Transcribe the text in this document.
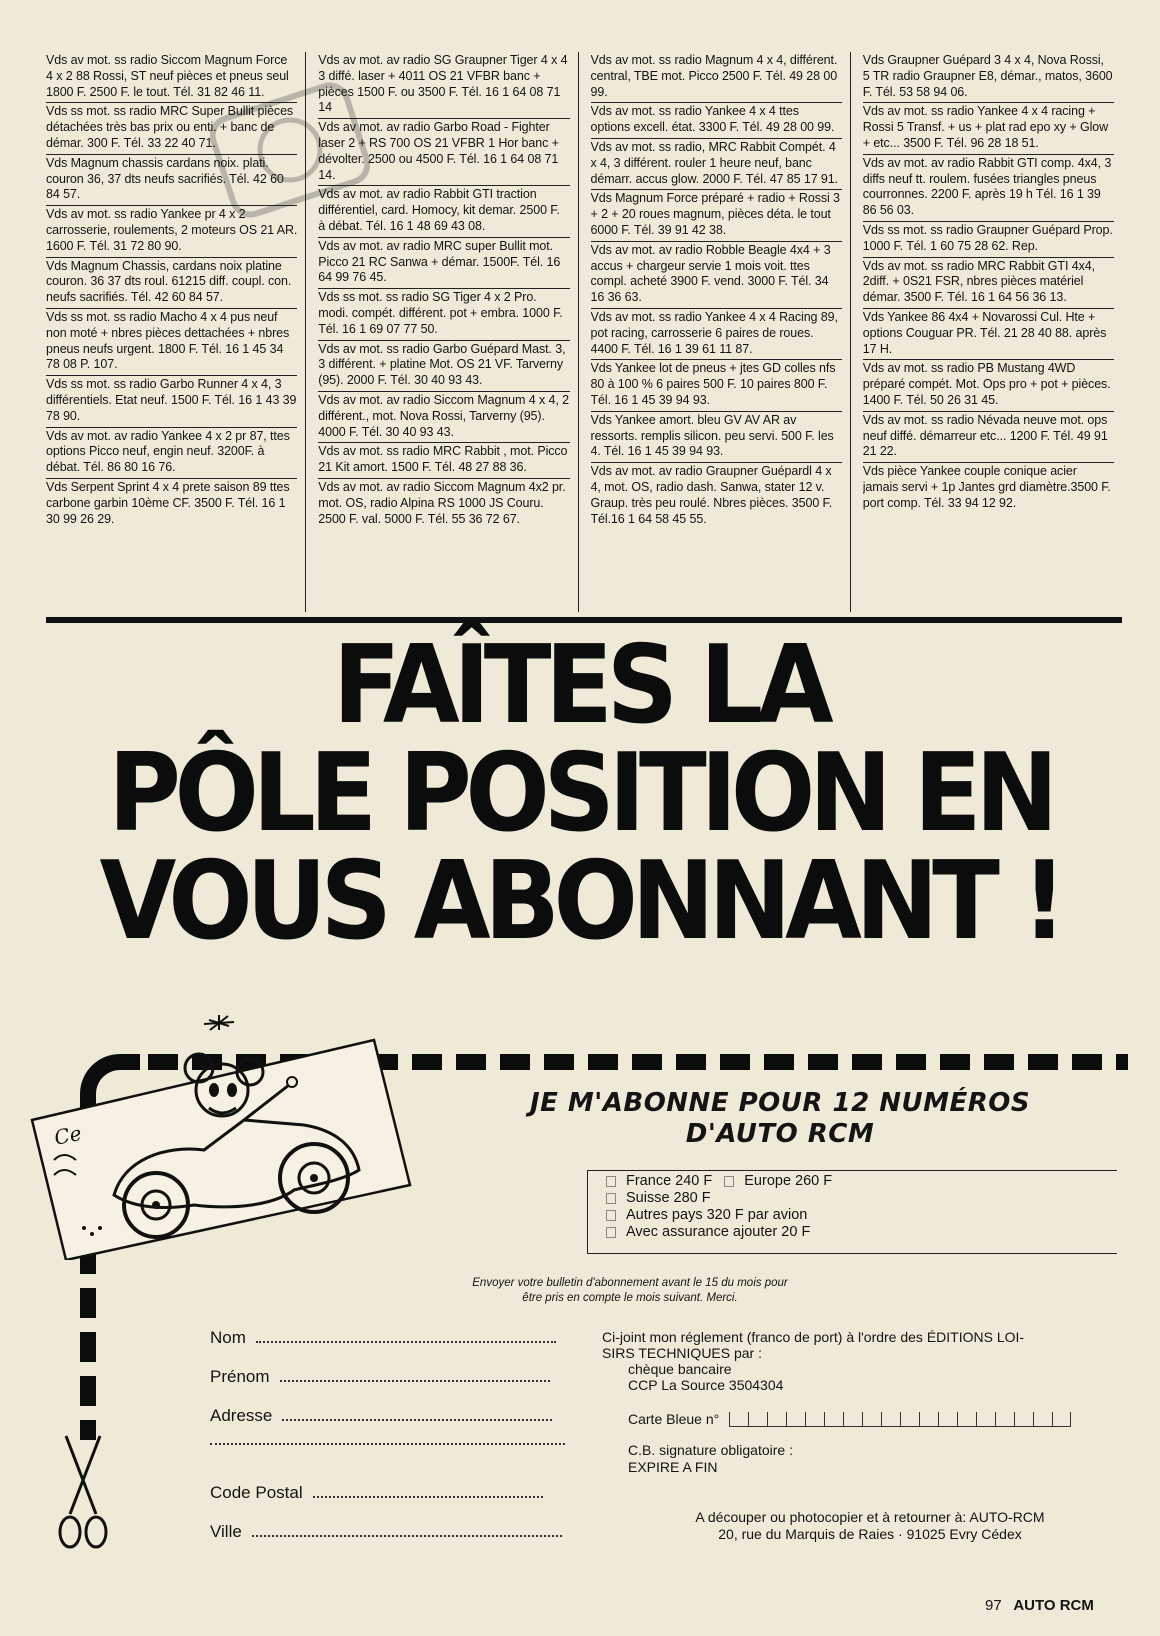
Vds av mot. ss radio Siccom Magnum Force 4 x 2 88 Rossi, ST neuf pièces et pneus seul 1800 F. 2500 F. le tout. Tél. 31 82 46 11.
Vds ss mot. ss radio MRC Super Bullit pièces détachées très bas prix ou enti. + banc de démar. 300 F. Tél. 33 22 40 71.
Vds Magnum chassis cardans noix. plati. couron 36, 37 dts neufs sacrifiés. Tél. 42 60 84 57.
Vds av mot. ss radio Yankee pr 4 x 2 carrosserie, roulements, 2 moteurs OS 21 AR. 1600 F. Tél. 31 72 80 90.
Vds Magnum Chassis, cardans noix platine couron. 36 37 dts roul. 61215 diff. coupl. con. neufs sacrifiés. Tél. 42 60 84 57.
Vds ss mot. ss radio Macho 4 x 4 pus neuf non moté + nbres pièces dettachées + nbres pneus neufs urgent. 1800 F. Tél. 16 1 45 34 78 08 P. 107.
Vds ss mot. ss radio Garbo Runner 4 x 4, 3 différentiels. Etat neuf. 1500 F. Tél. 16 1 43 39 78 90.
Vds av mot. av radio Yankee 4 x 2 pr 87, ttes options Picco neuf, engin neuf. 3200F. à débat. Tél. 86 80 16 76.
Vds Serpent Sprint 4 x 4 prete saison 89 ttes carbone garbin 10ème CF. 3500 F. Tél. 16 1 30 99 26 29.
Vds av mot. av radio SG Graupner Tiger 4 x 4 3 diffé. laser + 4011 OS 21 VFBR banc + pièces 1500 F. ou 3500 F. Tél. 16 1 64 08 71 14
Vds av mot. av radio Garbo Road - Fighter laser 2 + RS 700 OS 21 VFBR 1 Hor banc + dévolter. 2500 ou 4500 F. Tél. 16 1 64 08 71 14.
Vds av mot. av radio Rabbit GTI traction différentiel, card. Homocy, kit demar. 2500 F. à débat. Tél. 16 1 48 69 43 08.
Vds av mot. av radio MRC super Bullit mot. Picco 21 RC Sanwa + démar. 1500F. Tél. 16 64 99 76 45.
Vds ss mot. ss radio SG Tiger 4 x 2 Pro. modi. compét. différent. pot + embra. 1000 F. Tél. 16 1 69 07 77 50.
Vds av mot. ss radio Garbo Guépard Mast. 3, 3 différent. + platine Mot. OS 21 VF. Tarverny (95). 2000 F. Tél. 30 40 93 43.
Vds av mot. av radio Siccom Magnum 4 x 4, 2 différent., mot. Nova Rossi, Tarverny (95). 4000 F. Tél. 30 40 93 43.
Vds av mot. ss radio MRC Rabbit , mot. Picco 21 Kit amort. 1500 F. Tél. 48 27 88 36.
Vds av mot. av radio Siccom Magnum 4x2 pr. mot. OS, radio Alpina RS 1000 JS Couru. 2500 F. val. 5000 F. Tél. 55 36 72 67.
Vds av mot. ss radio Magnum 4 x 4, différent. central, TBE mot. Picco 2500 F. Tél. 49 28 00 99.
Vds av mot. ss radio Yankee 4 x 4 ttes options excell. état. 3300 F. Tél. 49 28 00 99.
Vds av mot. ss radio, MRC Rabbit Compét. 4 x 4, 3 différent. rouler 1 heure neuf, banc démarr. accus glow. 2000 F. Tél. 47 85 17 91.
Vds Magnum Force préparé + radio + Rossi 3 + 2 + 20 roues magnum, pièces déta. le tout 6000 F. Tél. 39 91 42 38.
Vds av mot. av radio Robble Beagle 4x4 + 3 accus + chargeur servie 1 mois voit. ttes compl. acheté 3900 F. vend. 3000 F. Tél. 34 16 36 63.
Vds av mot. ss radio Yankee 4 x 4 Racing 89, pot racing, carrosserie 6 paires de roues. 4400 F. Tél. 16 1 39 61 11 87.
Vds Yankee lot de pneus + jtes GD colles nfs 80 à 100 % 6 paires 500 F. 10 paires 800 F. Tél. 16 1 45 39 94 93.
Vds Yankee amort. bleu GV AV AR av ressorts. remplis silicon. peu servi. 500 F. les 4. Tél. 16 1 45 39 94 93.
Vds av mot. av radio Graupner Guépardl 4 x 4, mot. OS, radio dash. Sanwa, stater 12 v. Graup. très peu roulé. Nbres pièces. 3500 F. Tél.16 1 64 58 45 55.
Vds Graupner Guépard 3 4 x 4, Nova Rossi, 5 TR radio Graupner E8, démar., matos, 3600 F. Tél. 53 58 94 06.
Vds av mot. ss radio Yankee 4 x 4 racing + Rossi 5 Transf. + us + plat rad epo xy + Glow + etc... 3500 F. Tél. 96 28 18 51.
Vds av mot. av radio Rabbit GTI comp. 4x4, 3 diffs neuf tt. roulem. fusées triangles pneus courronnes. 2200 F. après 19 h Tél. 16 1 39 86 56 03.
Vds ss mot. ss radio Graupner Guépard Prop. 1000 F. Tél. 1 60 75 28 62. Rep.
Vds av mot. ss radio MRC Rabbit GTI 4x4, 2diff. + 0S21 FSR, nbres pièces matériel démar. 3500 F. Tél. 16 1 64 56 36 13.
Vds Yankee 86 4x4 + Novarossi Cul. Hte + options Couguar PR. Tél. 21 28 40 88. après 17 H.
Vds av mot. ss radio PB Mustang 4WD préparé compét. Mot. Ops pro + pot + pièces. 1400 F. Tél. 50 26 31 45.
Vds av mot. ss radio Névada neuve mot. ops neuf diffé. démarreur etc... 1200 F. Tél. 49 91 21 22.
Vds pièce Yankee couple conique acier jamais servi + 1p Jantes grd diamètre.3500 F. port comp. Tél. 33 94 12 92.
FAÎTES LA
PÔLE POSITION EN
VOUS ABONNANT !
Ce
JE M'ABONNE POUR 12 NUMÉROS
D'AUTO RCM
France 240 F Europe 260 F
Suisse 280 F
Autres pays 320 F par avion
Avec assurance ajouter 20 F
Envoyer votre bulletin d'abonnement avant le 15 du mois pour
être pris en compte le mois suivant. Merci.
Nom
Prénom
Adresse
Code Postal
Ville
Ci-joint mon réglement (franco de port) à l'ordre des ÉDITIONS LOI-
SIRS TECHNIQUES par :
chèque bancaire
CCP La Source 3504304
Carte Bleue n°
C.B. signature obligatoire :
EXPIRE A FIN
A découper ou photocopier et à retourner à: AUTO-RCM
20, rue du Marquis de Raies · 91025 Evry Cédex
97 AUTO RCM
